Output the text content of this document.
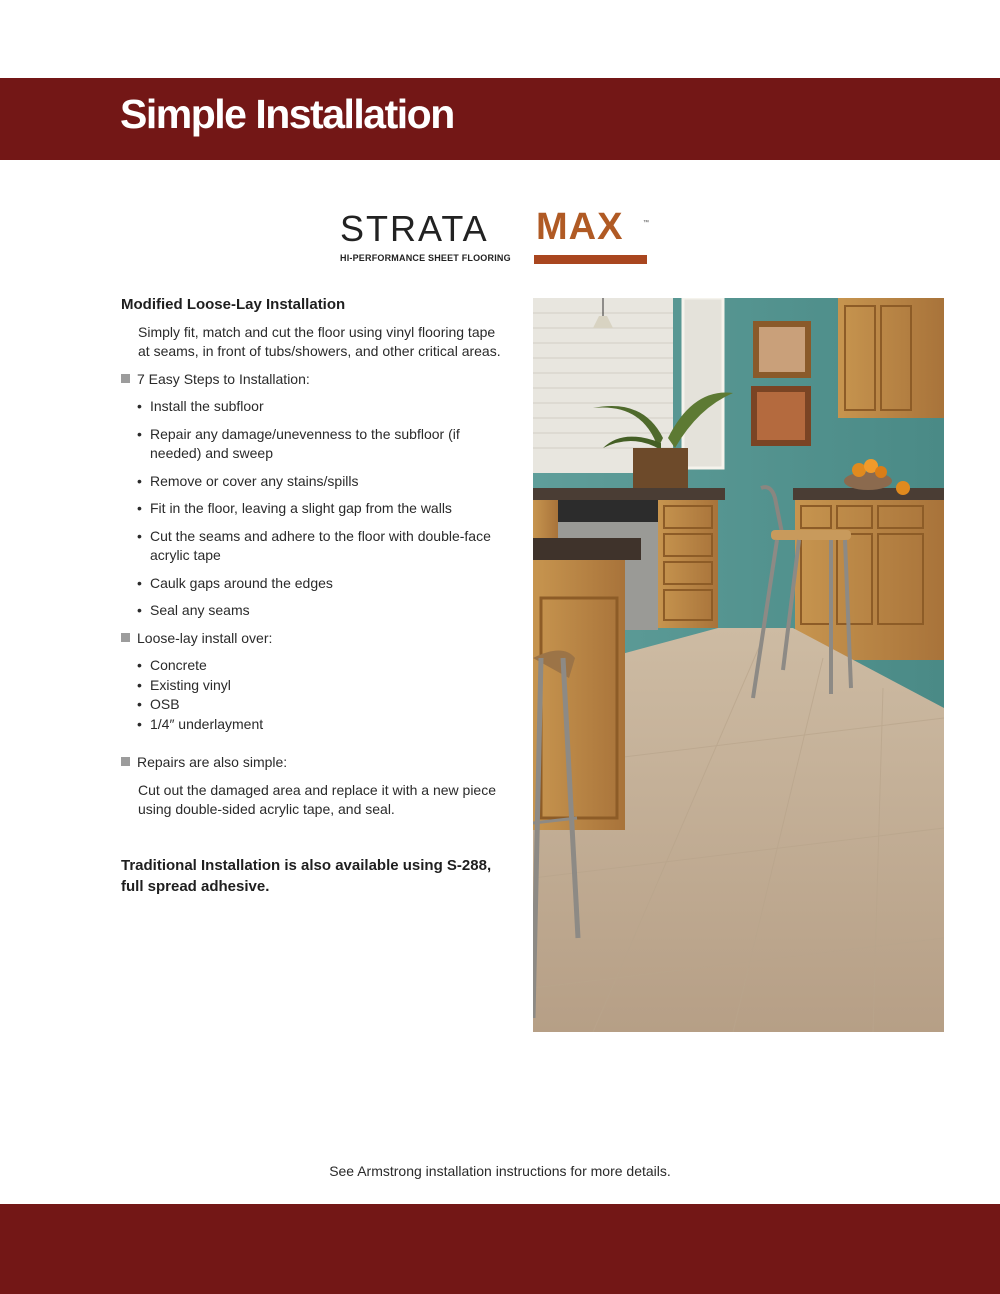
Simple Installation
STRATA MAX	™
HI-PERFORMANCE SHEET FLOORING
Modified Loose-Lay Installation

Simply fit, match and cut the floor using vinyl flooring tape at seams, in front of tubs/showers, and other critical areas.

7 Easy Steps to Installation:
• Install the subfloor
• Repair any damage/unevenness to the subfloor (if needed) and sweep
• Remove or cover any stains/spills
• Fit in the floor, leaving a slight gap from the walls
• Cut the seams and adhere to the floor with double-face acrylic tape
• Caulk gaps around the edges
• Seal any seams
Loose-lay install over:
• Concrete
• Existing vinyl
• OSB
• 1/4″ underlayment
Repairs are also simple:

Cut out the damaged area and replace it with a new piece using double-sided acrylic tape, and seal.

Traditional Installation is also available using S-288, full spread adhesive.
See Armstrong installation instructions for more details.
